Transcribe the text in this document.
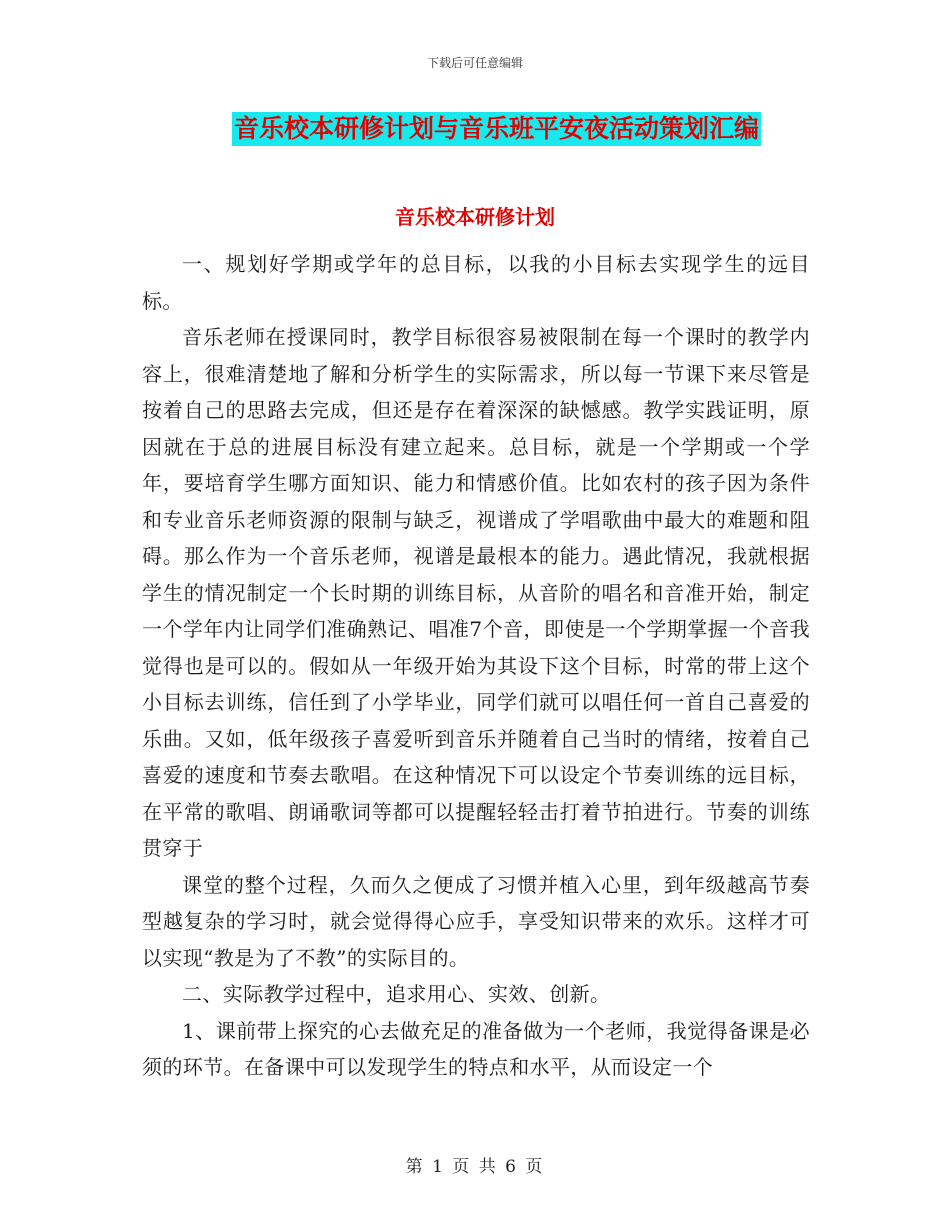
下载后可任意编辑
音乐校本研修计划与音乐班平安夜活动策划汇编
音乐校本研修计划

一、规划好学期或学年的总目标，以我的小目标去实现学生的远目标。

音乐老师在授课同时，教学目标很容易被限制在每一个课时的教学内容上，很难清楚地了解和分析学生的实际需求，所以每一节课下来尽管是按着自己的思路去完成，但还是存在着深深的缺憾感。教学实践证明，原因就在于总的进展目标没有建立起来。总目标，就是一个学期或一个学年，要培育学生哪方面知识、能力和情感价值。比如农村的孩子因为条件和专业音乐老师资源的限制与缺乏，视谱成了学唱歌曲中最大的难题和阻碍。那么作为一个音乐老师，视谱是最根本的能力。遇此情况，我就根据学生的情况制定一个长时期的训练目标，从音阶的唱名和音准开始，制定一个学年内让同学们准确熟记、唱准7个音，即使是一个学期掌握一个音我觉得也是可以的。假如从一年级开始为其设下这个目标，时常的带上这个小目标去训练，信任到了小学毕业，同学们就可以唱任何一首自己喜爱的乐曲。又如，低年级孩子喜爱听到音乐并随着自己当时的情绪，按着自己喜爱的速度和节奏去歌唱。在这种情况下可以设定个节奏训练的远目标，在平常的歌唱、朗诵歌词等都可以提醒轻轻击打着节拍进行。节奏的训练贯穿于

课堂的整个过程，久而久之便成了习惯并植入心里，到年级越高节奏型越复杂的学习时，就会觉得得心应手，享受知识带来的欢乐。这样才可以实现“教是为了不教”的实际目的。

二、实际教学过程中，追求用心、实效、创新。

1、课前带上探究的心去做充足的准备做为一个老师，我觉得备课是必须的环节。在备课中可以发现学生的特点和水平，从而设定一个

第 1 页 共 6 页
